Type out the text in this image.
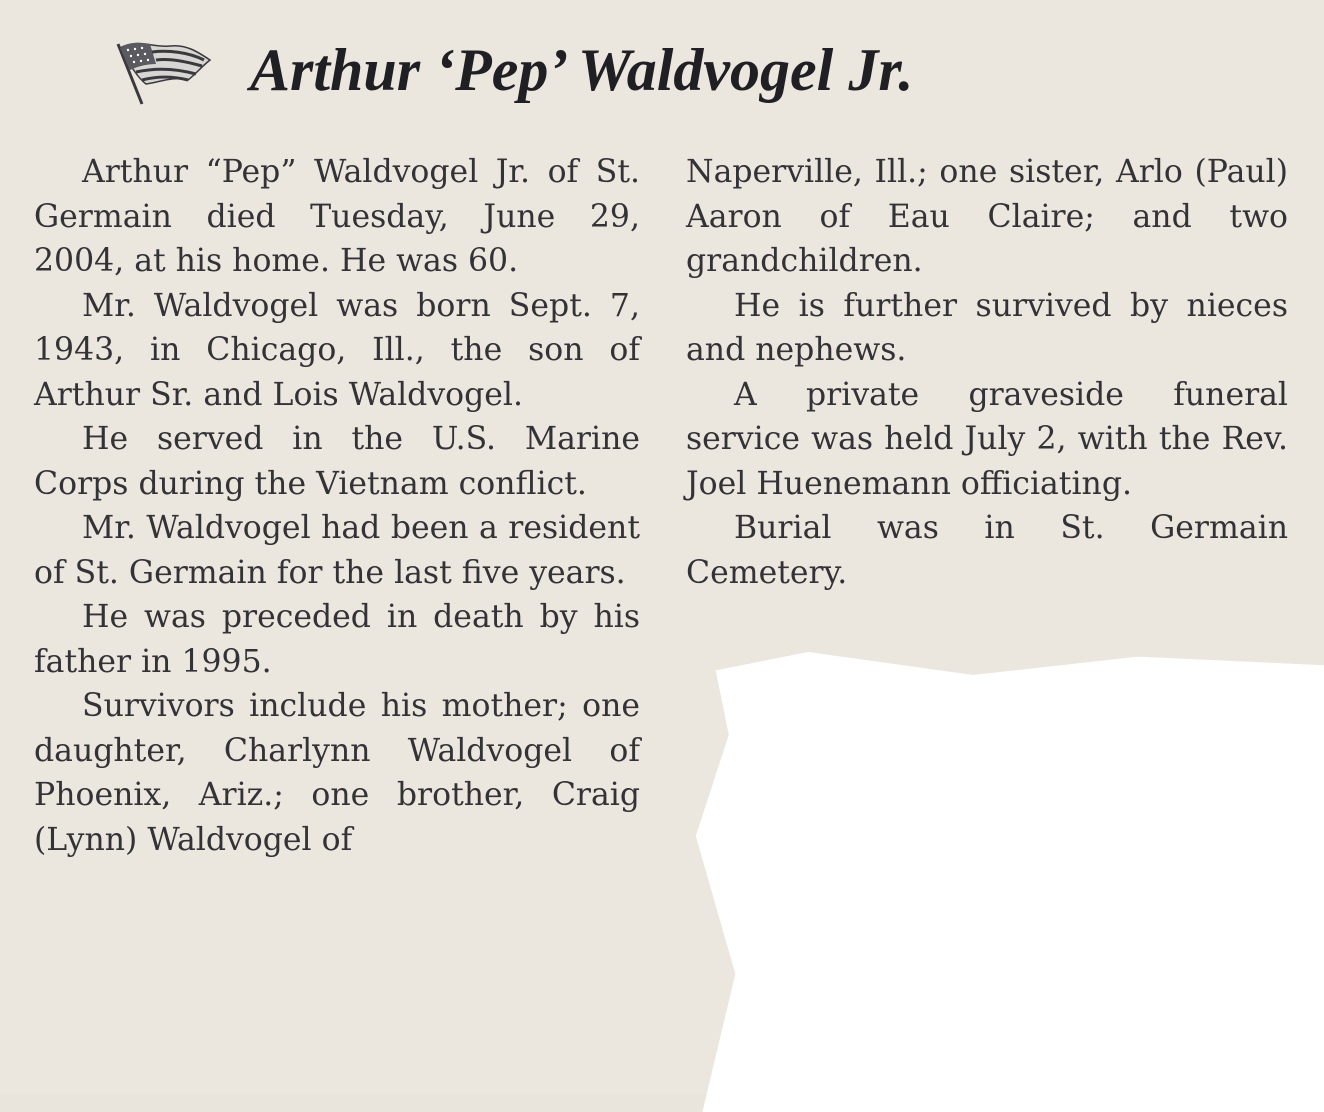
Arthur ‘Pep’ Waldvogel Jr.

Arthur “Pep” Waldvogel Jr. of St. Germain died Tuesday, June 29, 2004, at his home. He was 60.

Mr. Waldvogel was born Sept. 7, 1943, in Chicago, Ill., the son of Arthur Sr. and Lois Waldvogel.

He served in the U.S. Marine Corps during the Vietnam conflict.

Mr. Waldvogel had been a resident of St. Germain for the last five years.

He was preceded in death by his father in 1995.

Survivors include his mother; one daughter, Charlynn Waldvogel of Phoenix, Ariz.; one brother, Craig (Lynn) Waldvogel of

Naperville, Ill.; one sister, Arlo (Paul) Aaron of Eau Claire; and two grandchildren.

He is further survived by nieces and nephews.

A private graveside funeral service was held July 2, with the Rev. Joel Huenemann officiating.

Burial was in St. Germain Cemetery.
